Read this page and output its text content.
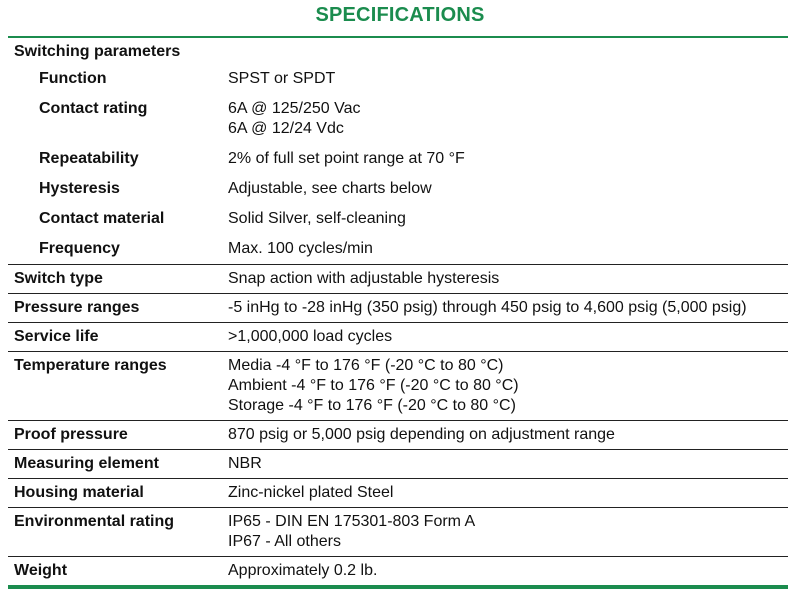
SPECIFICATIONS
Switching parameters
Function	SPST or SPDT
Contact rating	6A @ 125/250 Vac
6A @ 12/24 Vdc
Repeatability	2% of full set point range at 70 °F
Hysteresis	Adjustable, see charts below
Contact material	Solid Silver, self-cleaning
Frequency	Max. 100 cycles/min
Switch type	Snap action with adjustable hysteresis
Pressure ranges	-5 inHg to -28 inHg (350 psig) through 450 psig to 4,600 psig (5,000 psig)
Service life	>1,000,000 load cycles
Temperature ranges	Media -4 °F to 176 °F (-20 °C to 80 °C)
Ambient -4 °F to 176 °F (-20 °C to 80 °C)
Storage -4 °F to 176 °F (-20 °C to 80 °C)
Proof pressure	870 psig or 5,000 psig depending on adjustment range
Measuring element	NBR
Housing material	Zinc-nickel plated Steel
Environmental rating	IP65 - DIN EN 175301-803 Form A
IP67 - All others
Weight	Approximately 0.2 lb.
